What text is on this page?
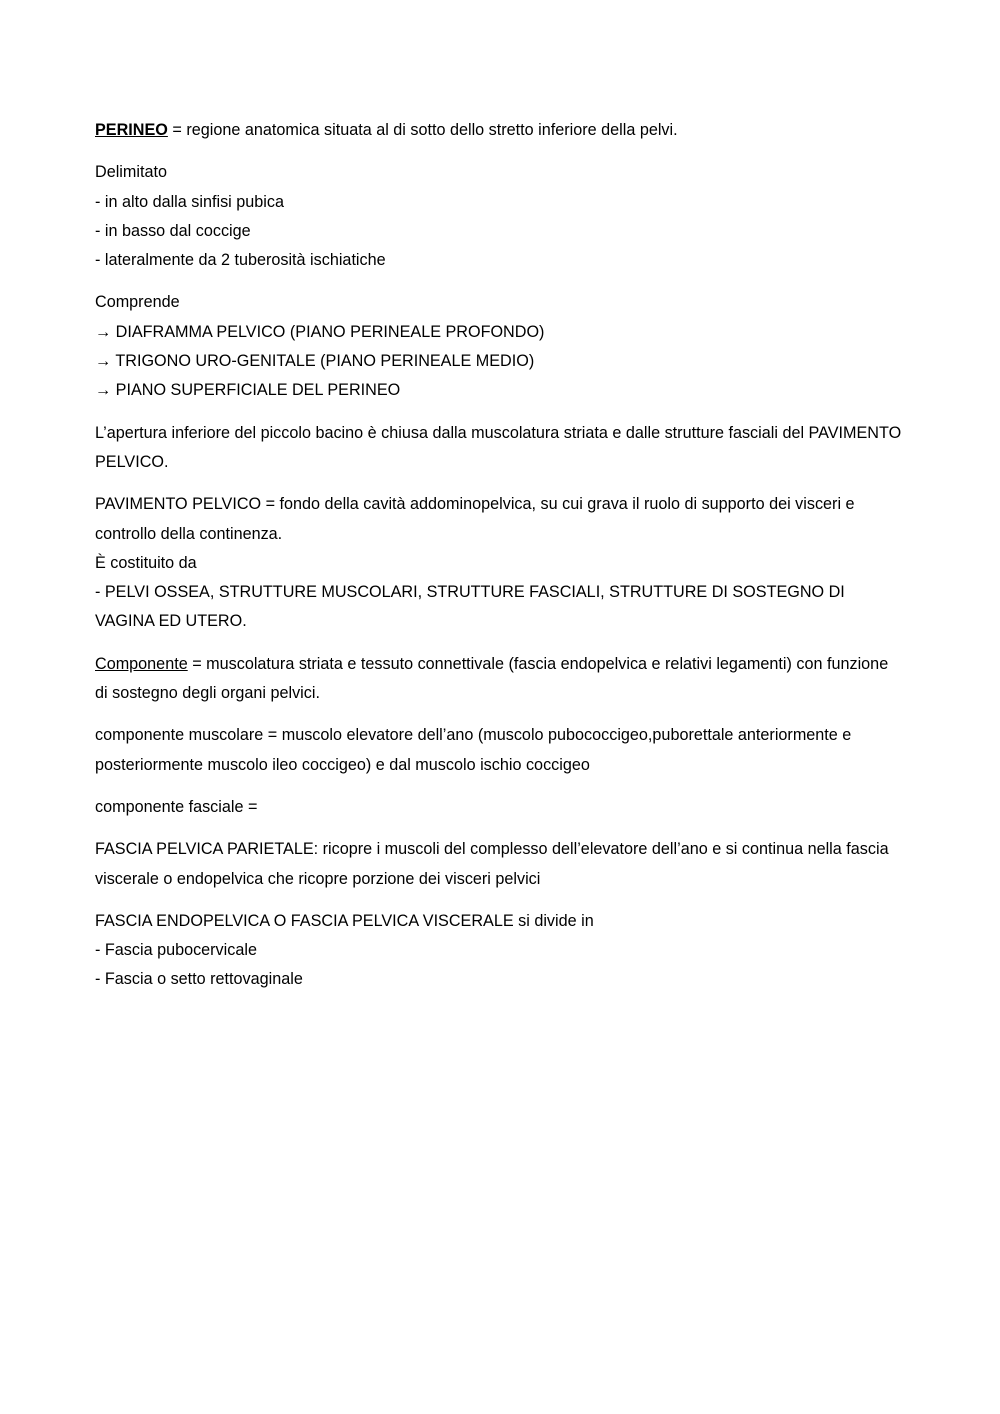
PERINEO = regione anatomica situata al di sotto dello stretto inferiore della pelvi.

Delimitato
- in alto dalla sinfisi pubica
- in basso dal coccige
- lateralmente da 2 tuberosità ischiatiche

Comprende
→ DIAFRAMMA PELVICO (PIANO PERINEALE PROFONDO)
→ TRIGONO URO-GENITALE (PIANO PERINEALE MEDIO)
→ PIANO SUPERFICIALE DEL PERINEO

L’apertura inferiore del piccolo bacino è chiusa dalla muscolatura striata e dalle strutture fasciali del PAVIMENTO PELVICO.

PAVIMENTO PELVICO = fondo della cavità addominopelvica, su cui grava il ruolo di supporto dei visceri e controllo della continenza.
È costituito da
- PELVI OSSEA, STRUTTURE MUSCOLARI, STRUTTURE FASCIALI, STRUTTURE DI SOSTEGNO DI VAGINA ED UTERO.

Componente = muscolatura striata e tessuto connettivale (fascia endopelvica e relativi legamenti) con funzione di sostegno degli organi pelvici.

componente muscolare = muscolo elevatore dell’ano (muscolo pubococcigeo,puborettale anteriormente e posteriormente muscolo ileo coccigeo) e dal muscolo ischio coccigeo

componente fasciale =

FASCIA PELVICA PARIETALE: ricopre i muscoli del complesso dell’elevatore dell’ano e si continua nella fascia viscerale o endopelvica che ricopre porzione dei visceri pelvici

FASCIA ENDOPELVICA O FASCIA PELVICA VISCERALE si divide in
- Fascia pubocervicale
- Fascia o setto rettovaginale
